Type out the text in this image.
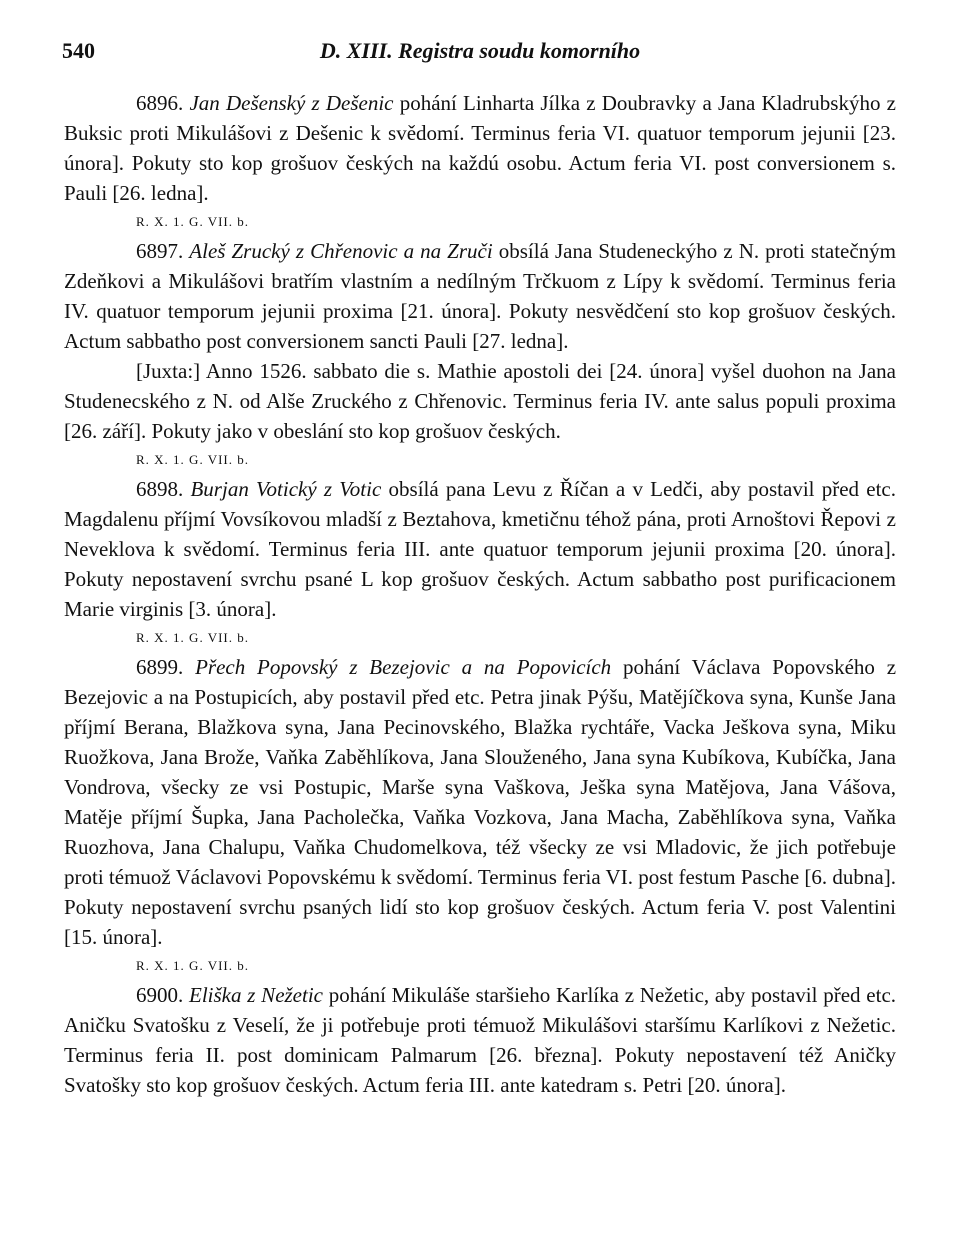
540	D. XIII. Registra soudu komorního

6896. Jan Dešenský z Dešenic pohání Linharta Jílka z Doubravky a Jana Kladrubskýho z Buksic proti Mikulášovi z Dešenic k svědomí. Terminus feria VI. quatuor temporum jejunii [23. února]. Pokuty sto kop grošuov českých na každú osobu. Actum feria VI. post conversionem s. Pauli [26. ledna].

R. X. 1. G. VII. b.

6897. Aleš Zrucký z Chřenovic a na Zruči obsílá Jana Studeneckýho z N. proti statečným Zdeňkovi a Mikulášovi bratřím vlastním a nedílným Trčkuom z Lípy k svědomí. Terminus feria IV. quatuor temporum jejunii proxima [21. února]. Pokuty nesvědčení sto kop grošuov českých. Actum sabbatho post conversionem sancti Pauli [27. ledna].

[Juxta:] Anno 1526. sabbato die s. Mathie apostoli dei [24. února] vyšel duohon na Jana Studenecského z N. od Alše Zruckého z Chřenovic. Terminus feria IV. ante salus populi proxima [26. září]. Pokuty jako v obeslání sto kop grošuov českých.

R. X. 1. G. VII. b.

6898. Burjan Votický z Votic obsílá pana Levu z Říčan a v Ledči, aby postavil před etc. Magdalenu příjmí Vovsíkovou mladší z Beztahova, kmetičnu téhož pána, proti Arnoštovi Řepovi z Neveklova k svědomí. Terminus feria III. ante quatuor temporum jejunii proxima [20. února]. Pokuty nepostavení svrchu psané L kop grošuov českých. Actum sabbatho post purificacionem Marie virginis [3. února].

R. X. 1. G. VII. b.

6899. Přech Popovský z Bezejovic a na Popovicích pohání Václava Popovského z Bezejovic a na Postupicích, aby postavil před etc. Petra jinak Pýšu, Matějíčkova syna, Kunše Jana příjmí Berana, Blažkova syna, Jana Pecinovského, Blažka rychtáře, Vacka Ješkova syna, Miku Ruožkova, Jana Brože, Vaňka Zaběhlíkova, Jana Slouženého, Jana syna Kubíkova, Kubíčka, Jana Vondrova, všecky ze vsi Postupic, Marše syna Vaškova, Ješka syna Matějova, Jana Vášova, Matěje příjmí Šupka, Jana Pacholečka, Vaňka Vozkova, Jana Macha, Zaběhlíkova syna, Vaňka Ruozhova, Jana Chalupu, Vaňka Chudomelkova, též všecky ze vsi Mladovic, že jich potřebuje proti témuož Václavovi Popovskému k svědomí. Terminus feria VI. post festum Pasche [6. dubna]. Pokuty nepostavení svrchu psaných lidí sto kop grošuov českých. Actum feria V. post Valentini [15. února].

R. X. 1. G. VII. b.

6900. Eliška z Nežetic pohání Mikuláše staršieho Karlíka z Nežetic, aby postavil před etc. Aničku Svatošku z Veselí, že ji potřebuje proti témuož Mikulášovi staršímu Karlíkovi z Nežetic. Terminus feria II. post dominicam Palmarum [26. března]. Pokuty nepostavení též Aničky Svatošky sto kop grošuov českých. Actum feria III. ante katedram s. Petri [20. února].
